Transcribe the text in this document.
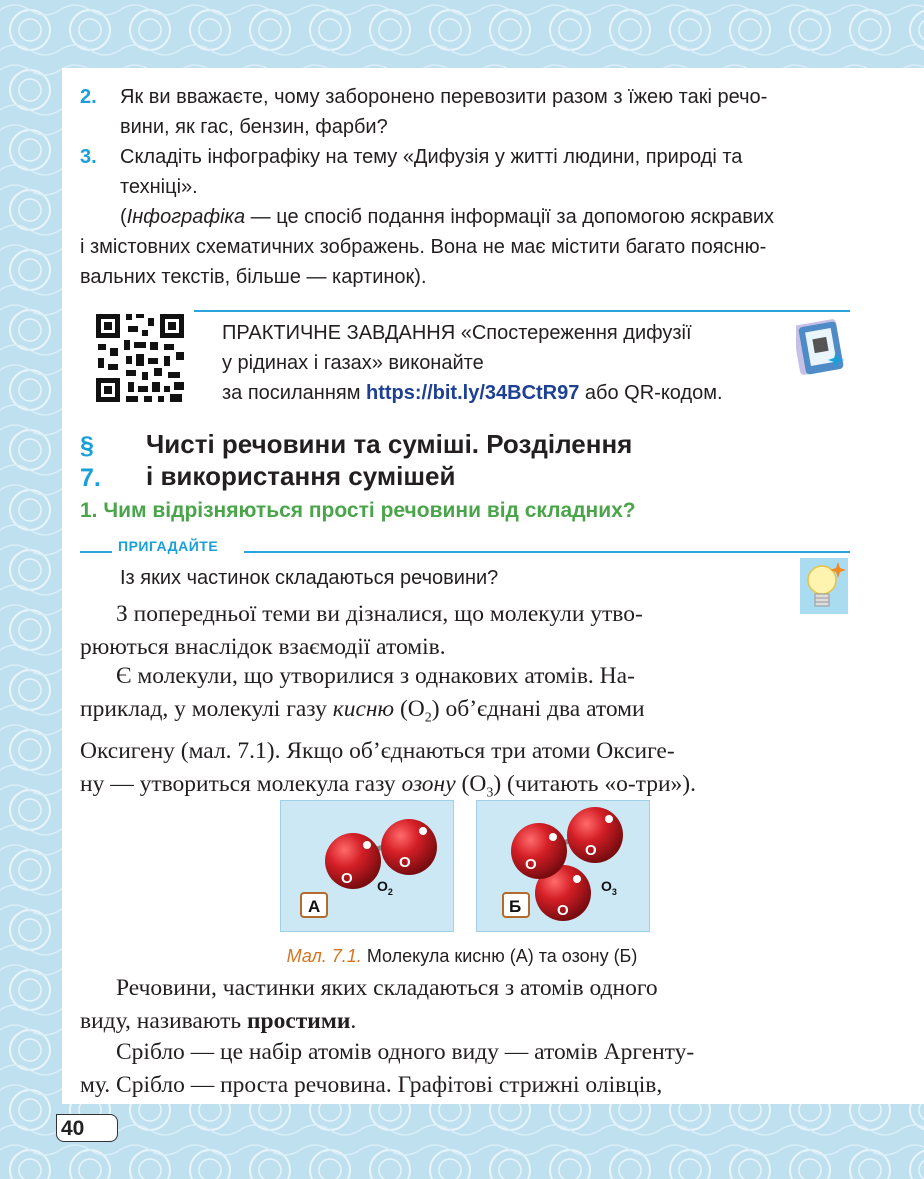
2. Як ви вважаєте, чому заборонено перевозити разом з їжею такі речо-
вини, як гас, бензин, фарби?
3. Складіть інфографіку на тему «Дифузія у житті людини, природі та
техніці».
(Інфографіка — це спосіб подання інформації за допомогою яскравих
і змістовних схематичних зображень. Вона не має містити багато поясню-
вальних текстів, більше — картинок).
ПРАКТИЧНЕ ЗАВДАННЯ «Спостереження дифузії
у рідинах і газах» виконайте
за посиланням https://bit.ly/34BCtR97 або QR-кодом.
§ 7.
Чисті речовини та суміші. Розділення
і використання сумішей
1. Чим відрізняються прості речовини від складних?
ПРИГАДАЙТЕ
Із яких частинок складаються речовини?

З попередньої теми ви дізналися, що молекули утво-

рюються внаслідок взаємодії атомів.

Є молекули, що утворилися з однакових атомів. На-

приклад, у молекулі газу кисню $(O_2)$ об’єднані два атоми

Оксигену (мал. 7.1). Якщо об’єднаються три атоми Оксиге-

ну — утвориться молекула газу озону $(O_3)$ (читають «о-три»).

O
O
$O_2$
А
O
O
O
$O_3$
Б
Мал. 7.1. Молекула кисню (А) та озону (Б)

Речовини, частинки яких складаються з атомів одного

виду, називають простими.

Срібло — це набір атомів одного виду — атомів Аргенту-

му. Срібло — проста речовина. Графітові стрижні олівців,

40
